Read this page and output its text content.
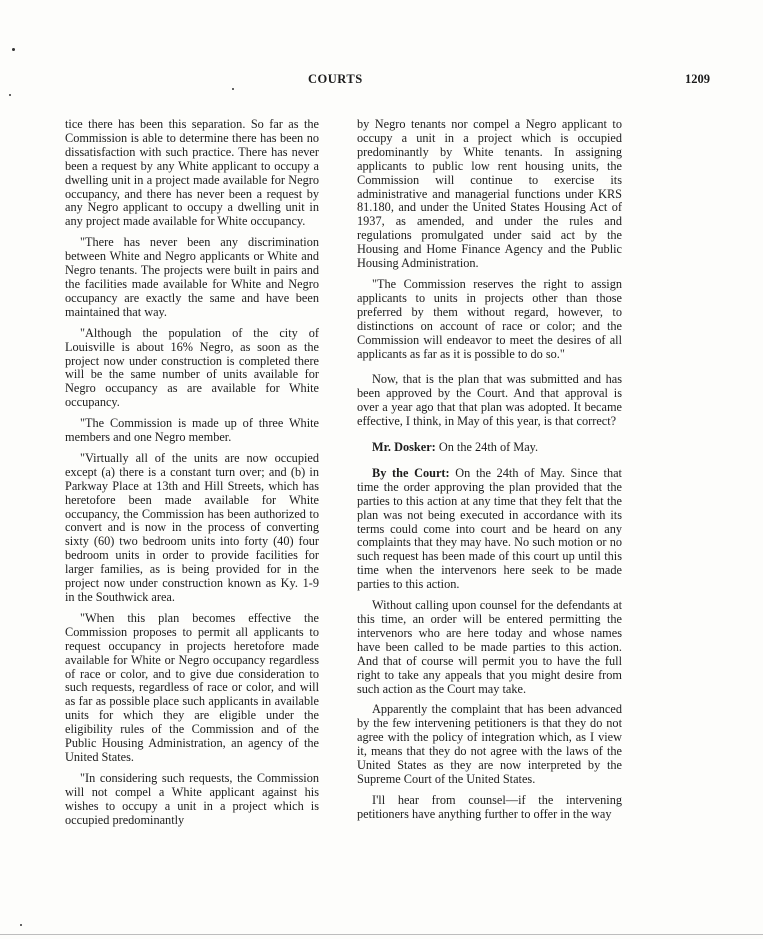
COURTS	1209

tice there has been this separation. So far as the Commission is able to determine there has been no dissatisfaction with such practice. There has never been a request by any White applicant to occupy a dwelling unit in a project made available for Negro occupancy, and there has never been a request by any Negro applicant to occupy a dwelling unit in any project made available for White occupancy.

"There has never been any discrimination between White and Negro applicants or White and Negro tenants. The projects were built in pairs and the facilities made available for White and Negro occupancy are exactly the same and have been maintained that way.

"Although the population of the city of Louisville is about 16% Negro, as soon as the project now under construction is completed there will be the same number of units available for Negro occupancy as are available for White occupancy.

"The Commission is made up of three White members and one Negro member.

"Virtually all of the units are now occupied except (a) there is a constant turn over; and (b) in Parkway Place at 13th and Hill Streets, which has heretofore been made available for White occupancy, the Commission has been authorized to convert and is now in the process of converting sixty (60) two bedroom units into forty (40) four bedroom units in order to provide facilities for larger families, as is being provided for in the project now under construction known as Ky. 1-9 in the Southwick area.

"When this plan becomes effective the Commission proposes to permit all applicants to request occupancy in projects heretofore made available for White or Negro occupancy regardless of race or color, and to give due consideration to such requests, regardless of race or color, and will as far as possible place such applicants in available units for which they are eligible under the eligibility rules of the Commission and of the Public Housing Administration, an agency of the United States.

"In considering such requests, the Commission will not compel a White applicant against his wishes to occupy a unit in a project which is occupied predominantly

by Negro tenants nor compel a Negro applicant to occupy a unit in a project which is occupied predominantly by White tenants. In assigning applicants to public low rent housing units, the Commission will continue to exercise its administrative and managerial functions under KRS 81.180, and under the United States Housing Act of 1937, as amended, and under the rules and regulations promulgated under said act by the Housing and Home Finance Agency and the Public Housing Administration.

"The Commission reserves the right to assign applicants to units in projects other than those preferred by them without regard, however, to distinctions on account of race or color; and the Commission will endeavor to meet the desires of all applicants as far as it is possible to do so."

Now, that is the plan that was submitted and has been approved by the Court. And that approval is over a year ago that that plan was adopted. It became effective, I think, in May of this year, is that correct?

Mr. Dosker: On the 24th of May.

By the Court: On the 24th of May. Since that time the order approving the plan provided that the parties to this action at any time that they felt that the plan was not being executed in accordance with its terms could come into court and be heard on any complaints that they may have. No such motion or no such request has been made of this court up until this time when the intervenors here seek to be made parties to this action.

Without calling upon counsel for the defendants at this time, an order will be entered permitting the intervenors who are here today and whose names have been called to be made parties to this action. And that of course will permit you to have the full right to take any appeals that you might desire from such action as the Court may take.

Apparently the complaint that has been advanced by the few intervening petitioners is that they do not agree with the policy of integration which, as I view it, means that they do not agree with the laws of the United States as they are now interpreted by the Supreme Court of the United States.

I'll hear from counsel—if the intervening petitioners have anything further to offer in the way
